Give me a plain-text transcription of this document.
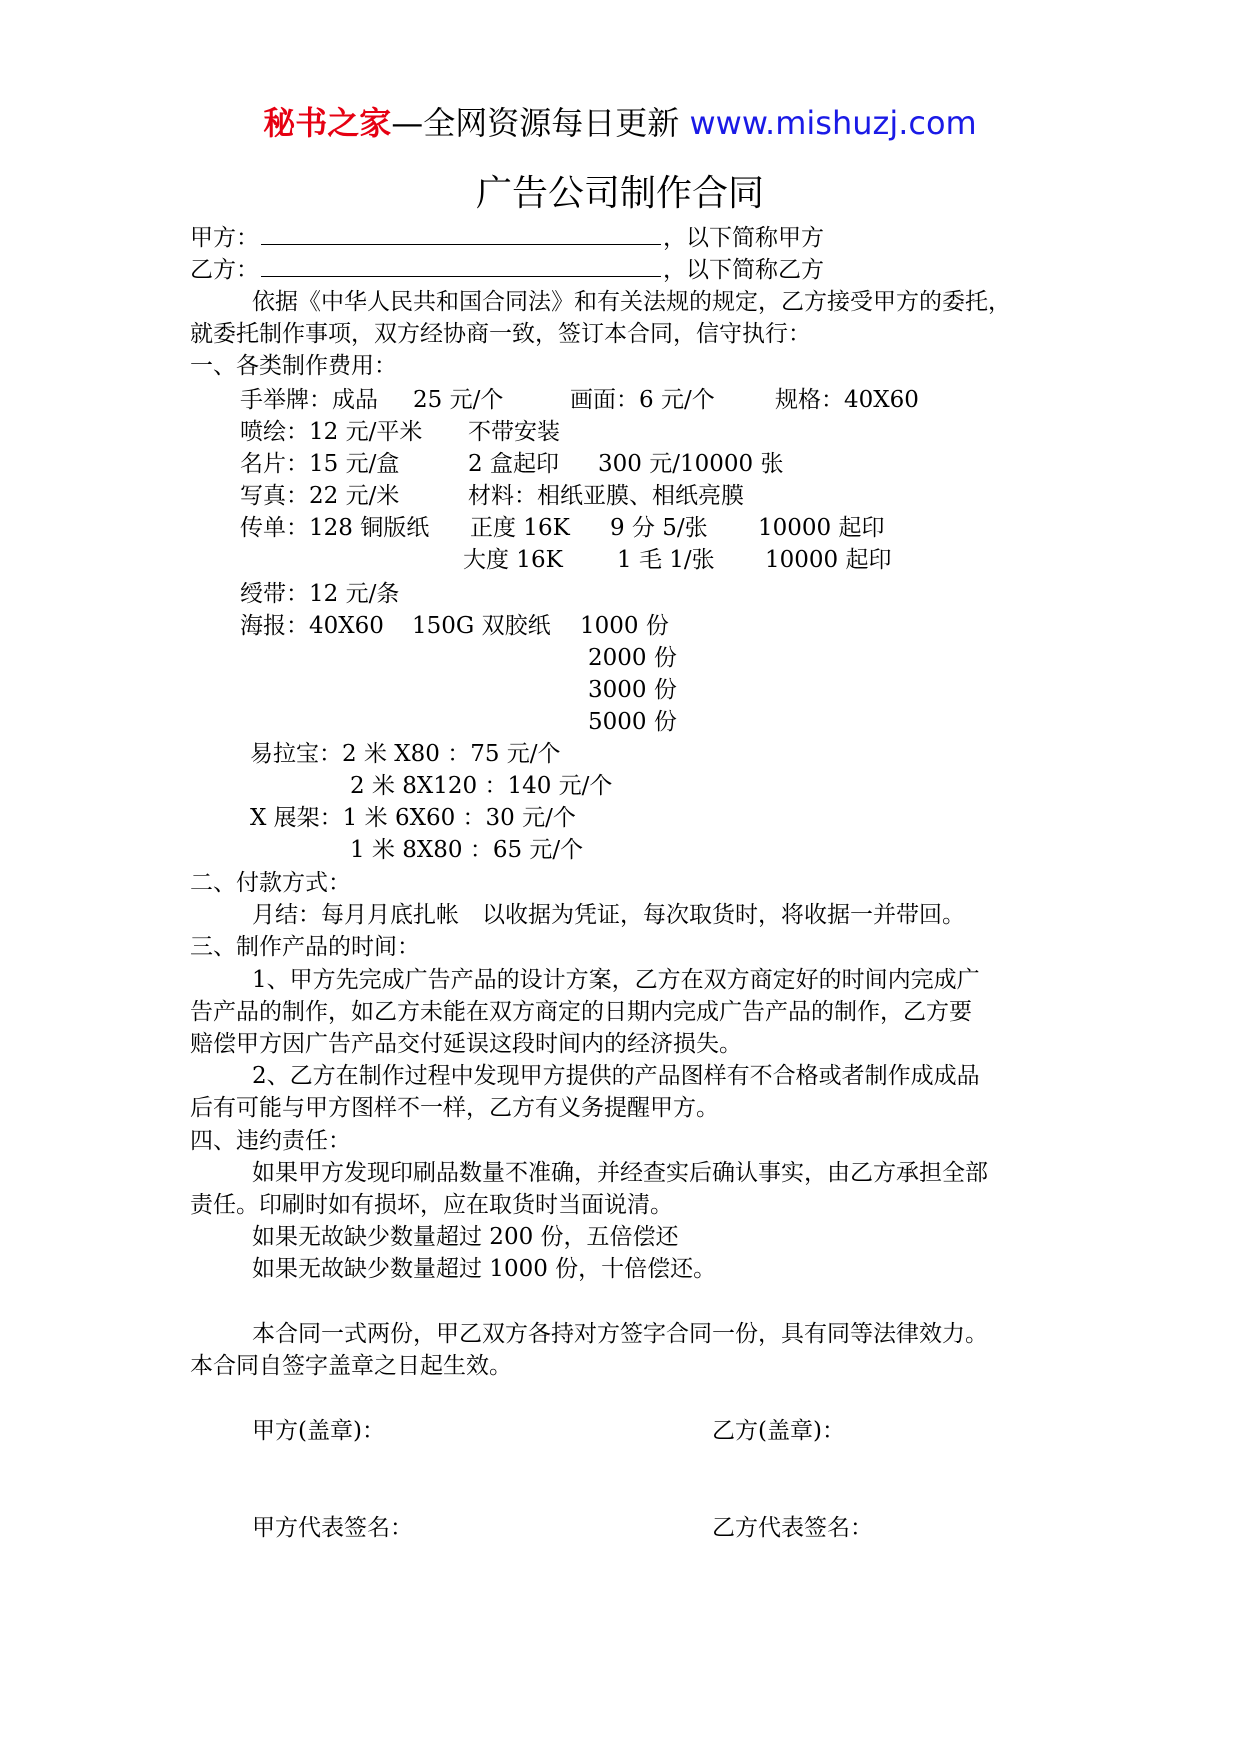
秘书之家—全网资源每日更新 www.mishuzj.com
广告公司制作合同
甲方：	，以下简称甲方
乙方：	，以下简称乙方
依据《中华人民共和国合同法》和有关法规的规定，乙方接受甲方的委托，
就委托制作事项，双方经协商一致，签订本合同，信守执行：
一、各类制作费用：
手举牌：成品 25 元/个	画面：6 元/个	规格：40X60
喷绘：12 元/平米 不带安装
名片：15 元/盒	2 盒起印 300 元/10000 张
写真：22 元/米	材料：相纸亚膜、相纸亮膜
传单：128 铜版纸 正度 16K 9 分 5/张 10000 起印
大度 16K 1 毛 1/张 10000 起印
绶带：12 元/条
海报：40X60 150G 双胶纸 1000 份
2000 份
3000 份
5000 份
易拉宝：2 米 X80 ：75 元/个
2 米 8X120 ：140 元/个
X 展架：1 米 6X60 ：30 元/个
1 米 8X80 ：65 元/个
二、付款方式：
月结：每月月底扎帐　以收据为凭证，每次取货时，将收据一并带回。
三、制作产品的时间：
1、甲方先完成广告产品的设计方案，乙方在双方商定好的时间内完成广
告产品的制作，如乙方未能在双方商定的日期内完成广告产品的制作，乙方要
赔偿甲方因广告产品交付延误这段时间内的经济损失。
2、乙方在制作过程中发现甲方提供的产品图样有不合格或者制作成成品
后有可能与甲方图样不一样，乙方有义务提醒甲方。
四、违约责任：
如果甲方发现印刷品数量不准确，并经查实后确认事实，由乙方承担全部
责任。印刷时如有损坏，应在取货时当面说清。
如果无故缺少数量超过 200 份，五倍偿还
如果无故缺少数量超过 1000 份，十倍偿还。
本合同一式两份，甲乙双方各持对方签字合同一份，具有同等法律效力。
本合同自签字盖章之日起生效。
甲方(盖章)：	乙方(盖章)：
甲方代表签名：	乙方代表签名：
